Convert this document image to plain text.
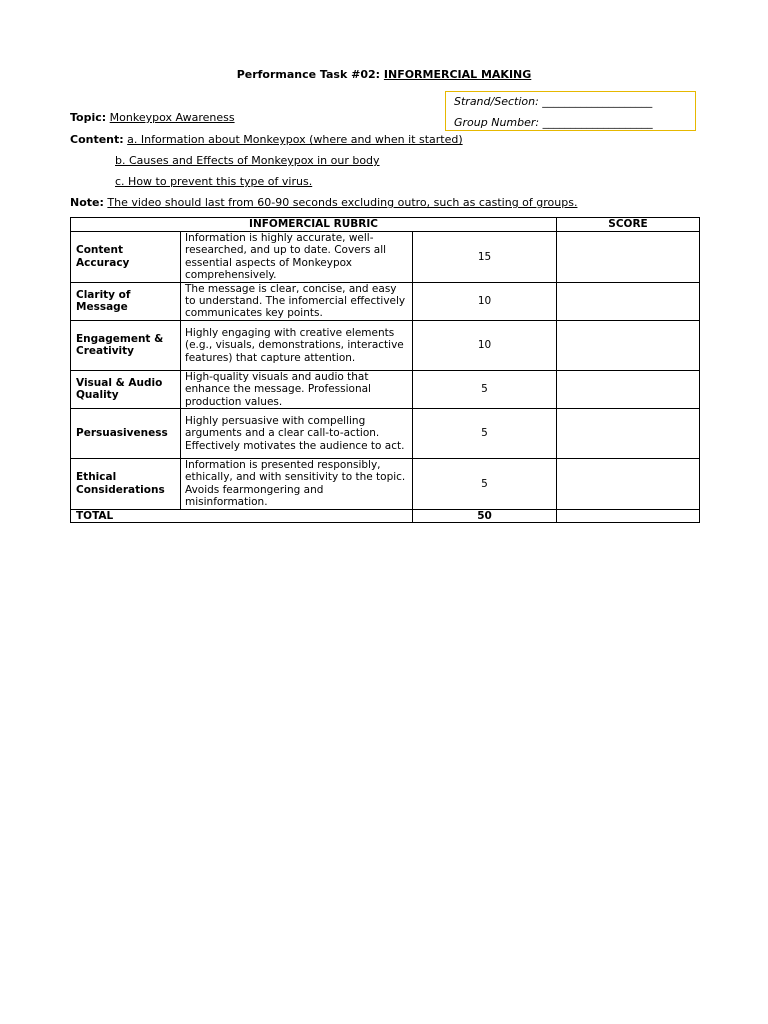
Performance Task #02: INFORMERCIAL MAKING
Strand/Section: ____________________
Group Number: ____________________
Topic: Monkeypox Awareness
Content: a. Information about Monkeypox (where and when it started)
b. Causes and Effects of Monkeypox in our body
c. How to prevent this type of virus.
Note: The video should last from 60-90 seconds excluding outro, such as casting of groups.
INFOMERCIAL RUBRIC			SCORE
Content Accuracy	Information is highly accurate, well-researched, and up to date. Covers all essential aspects of Monkeypox comprehensively.	15	
Clarity of Message	The message is clear, concise, and easy to understand. The infomercial effectively communicates key points.	10	
Engagement & Creativity	Highly engaging with creative elements (e.g., visuals, demonstrations, interactive features) that capture attention.	10	
Visual & Audio Quality	High-quality visuals and audio that enhance the message. Professional production values.	5	
Persuasiveness	Highly persuasive with compelling arguments and a clear call-to-action. Effectively motivates the audience to act.	5	
Ethical Considerations	Information is presented responsibly, ethically, and with sensitivity to the topic. Avoids fearmongering and misinformation.	5	
TOTAL		50	
